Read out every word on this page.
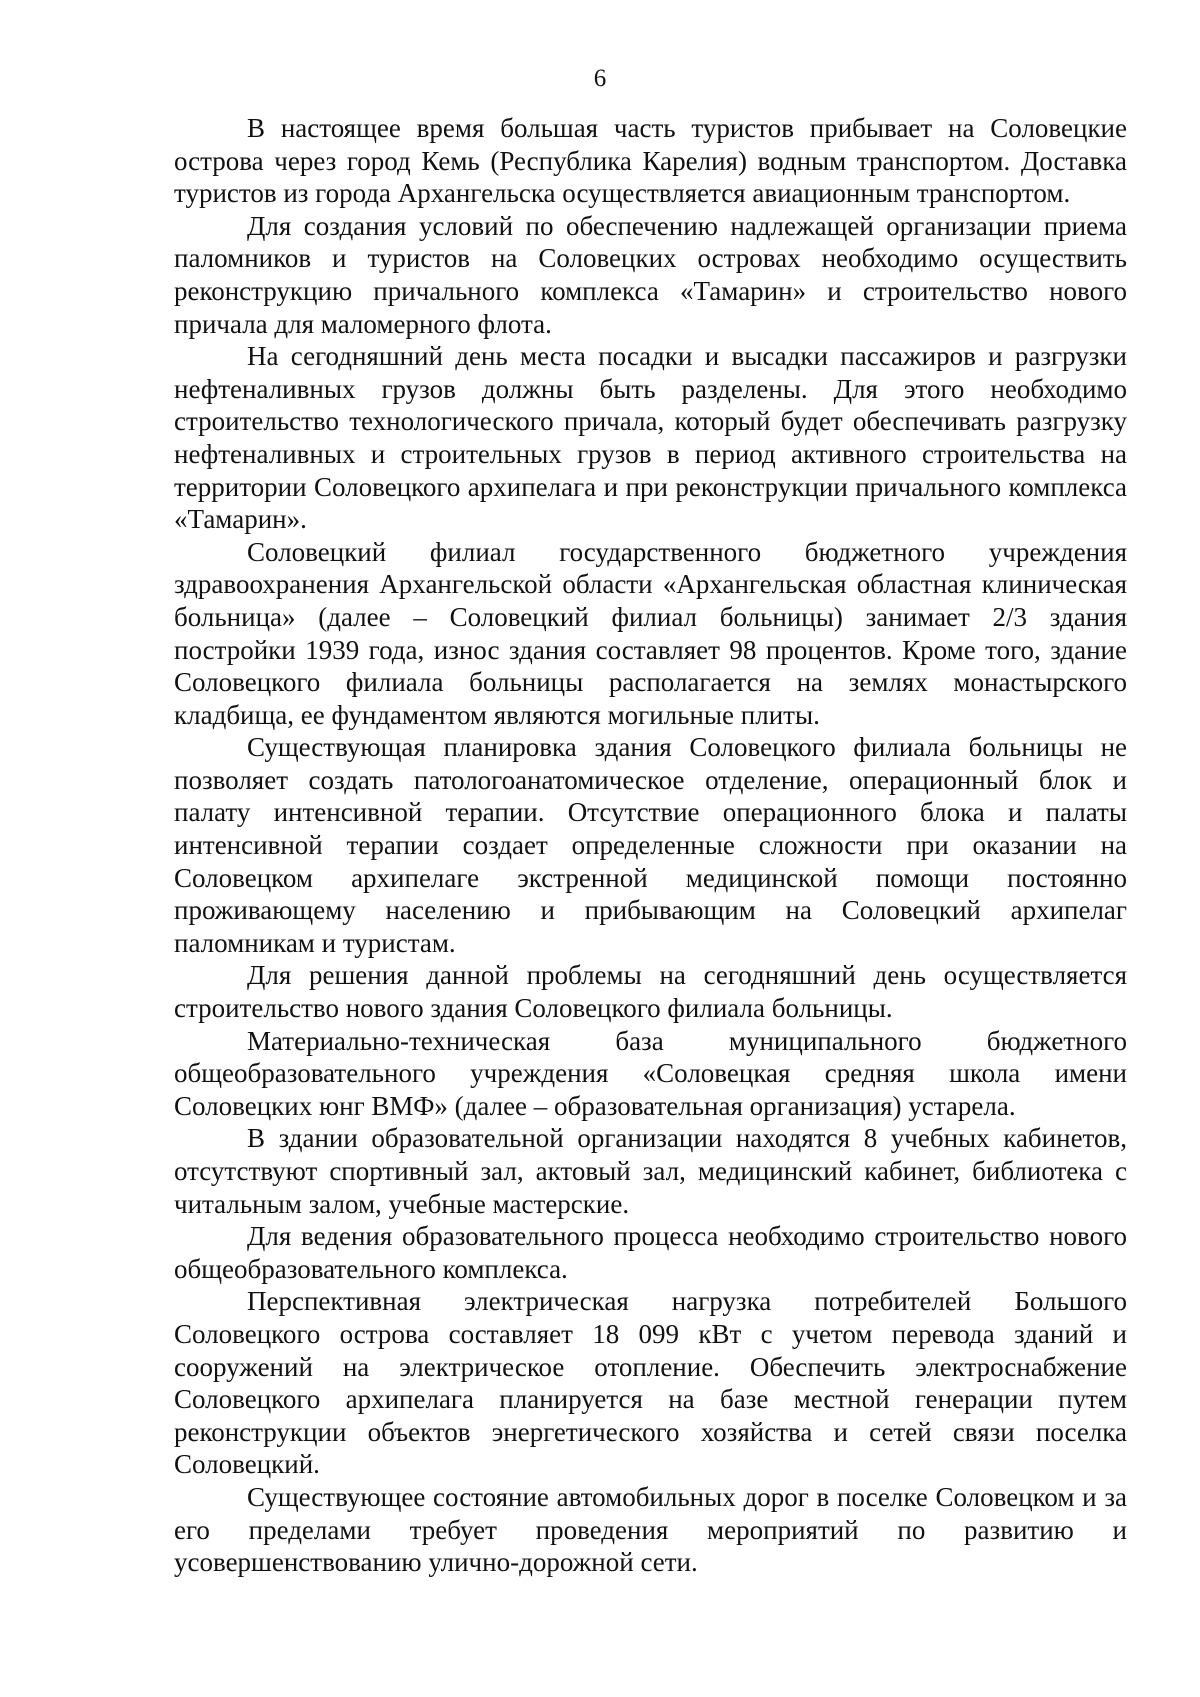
6

В настоящее время большая часть туристов прибывает на Соловецкие острова через город Кемь (Республика Карелия) водным транспортом. Доставка туристов из города Архангельска осуществляется авиационным транспортом.

Для создания условий по обеспечению надлежащей организации приема паломников и туристов на Соловецких островах необходимо осуществить реконструкцию причального комплекса «Тамарин» и строительство нового причала для маломерного флота.

На сегодняшний день места посадки и высадки пассажиров и разгрузки нефтеналивных грузов должны быть разделены. Для этого необходимо строительство технологического причала, который будет обеспечивать разгрузку нефтеналивных и строительных грузов в период активного строительства на территории Соловецкого архипелага и при реконструкции причального комплекса «Тамарин».

Соловецкий филиал государственного бюджетного учреждения здравоохранения Архангельской области «Архангельская областная клиническая больница» (далее – Соловецкий филиал больницы) занимает 2/3 здания постройки 1939 года, износ здания составляет 98 процентов. Кроме того, здание Соловецкого филиала больницы располагается на землях монастырского кладбища, ее фундаментом являются могильные плиты.

Существующая планировка здания Соловецкого филиала больницы не позволяет создать патологоанатомическое отделение, операционный блок и палату интенсивной терапии. Отсутствие операционного блока и палаты интенсивной терапии создает определенные сложности при оказании на Соловецком архипелаге экстренной медицинской помощи постоянно проживающему населению и прибывающим на Соловецкий архипелаг паломникам и туристам.

Для решения данной проблемы на сегодняшний день осуществляется строительство нового здания Соловецкого филиала больницы.

Материально-техническая база муниципального бюджетного общеобразовательного учреждения «Соловецкая средняя школа имени Соловецких юнг ВМФ» (далее – образовательная организация) устарела.

В здании образовательной организации находятся 8 учебных кабинетов, отсутствуют спортивный зал, актовый зал, медицинский кабинет, библиотека с читальным залом, учебные мастерские.

Для ведения образовательного процесса необходимо строительство нового общеобразовательного комплекса.

Перспективная электрическая нагрузка потребителей Большого Соловецкого острова составляет 18 099 кВт с учетом перевода зданий и сооружений на электрическое отопление. Обеспечить электроснабжение Соловецкого архипелага планируется на базе местной генерации путем реконструкции объектов энергетического хозяйства и сетей связи поселка Соловецкий.

Существующее состояние автомобильных дорог в поселке Соловецком и за его пределами требует проведения мероприятий по развитию и усовершенствованию улично-дорожной сети.
